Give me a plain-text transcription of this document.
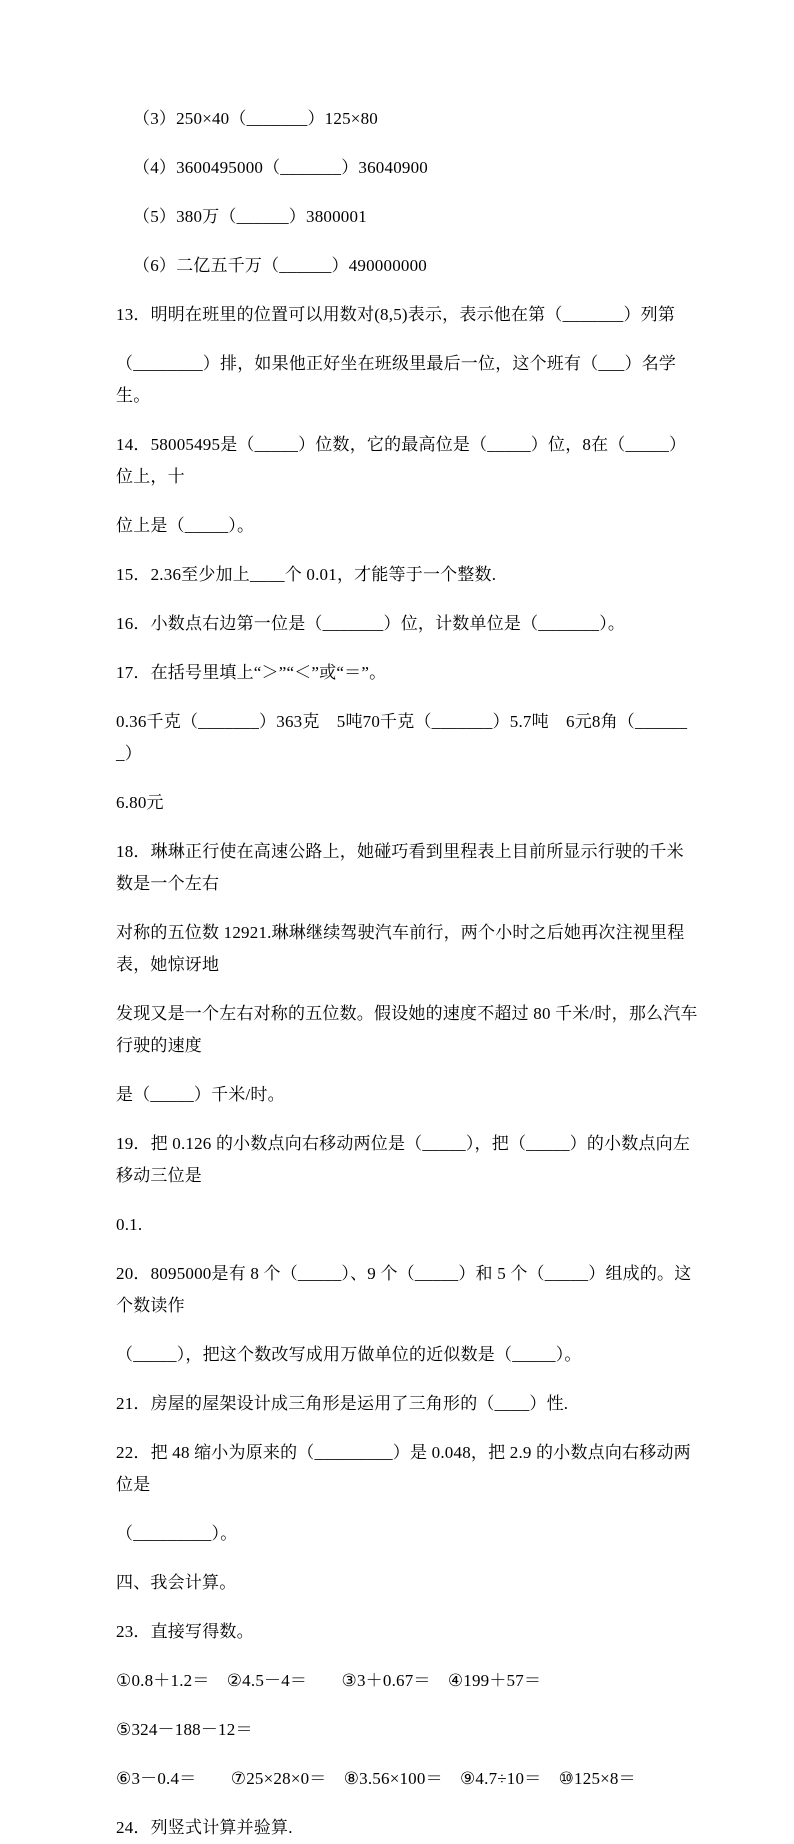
（3）250×40（_______）125×80

（4）3600495000（_______）36040900

（5）380万（______）3800001

（6）二亿五千万（______）490000000

13．明明在班里的位置可以用数对(8,5)表示，表示他在第（_______）列第

（________）排，如果他正好坐在班级里最后一位，这个班有（___）名学生。

14．58005495是（_____）位数，它的最高位是（_____）位，8在（_____）位上，十

位上是（_____）。

15．2.36至少加上____个 0.01，才能等于一个整数.

16．小数点右边第一位是（_______）位，计数单位是（_______）。

17．在括号里填上“＞”“＜”或“＝”。

0.36千克（_______）363克　5吨70千克（_______）5.7吨　6元8角（_______）

6.80元

18．琳琳正行使在高速公路上，她碰巧看到里程表上目前所显示行驶的千米数是一个左右

对称的五位数 12921.琳琳继续驾驶汽车前行，两个小时之后她再次注视里程表，她惊讶地

发现又是一个左右对称的五位数。假设她的速度不超过 80 千米/时，那么汽车行驶的速度

是（_____）千米/时。

19．把 0.126 的小数点向右移动两位是（_____），把（_____）的小数点向左移动三位是

0.1.

20．8095000是有 8 个（_____）、9 个（_____）和 5 个（_____）组成的。这个数读作

（_____），把这个数改写成用万做单位的近似数是（_____）。

21．房屋的屋架设计成三角形是运用了三角形的（____）性.

22．把 48 缩小为原来的（_________）是 0.048，把 2.9 的小数点向右移动两位是

（_________）。

四、我会计算。

23．直接写得数。

①0.8＋1.2＝　②4.5－4＝　　③3＋0.67＝　④199＋57＝

⑤324－188－12＝

⑥3－0.4＝　　⑦25×28×0＝　⑧3.56×100＝　⑨4.7÷10＝　⑩125×8＝

24．列竖式计算并验算.
